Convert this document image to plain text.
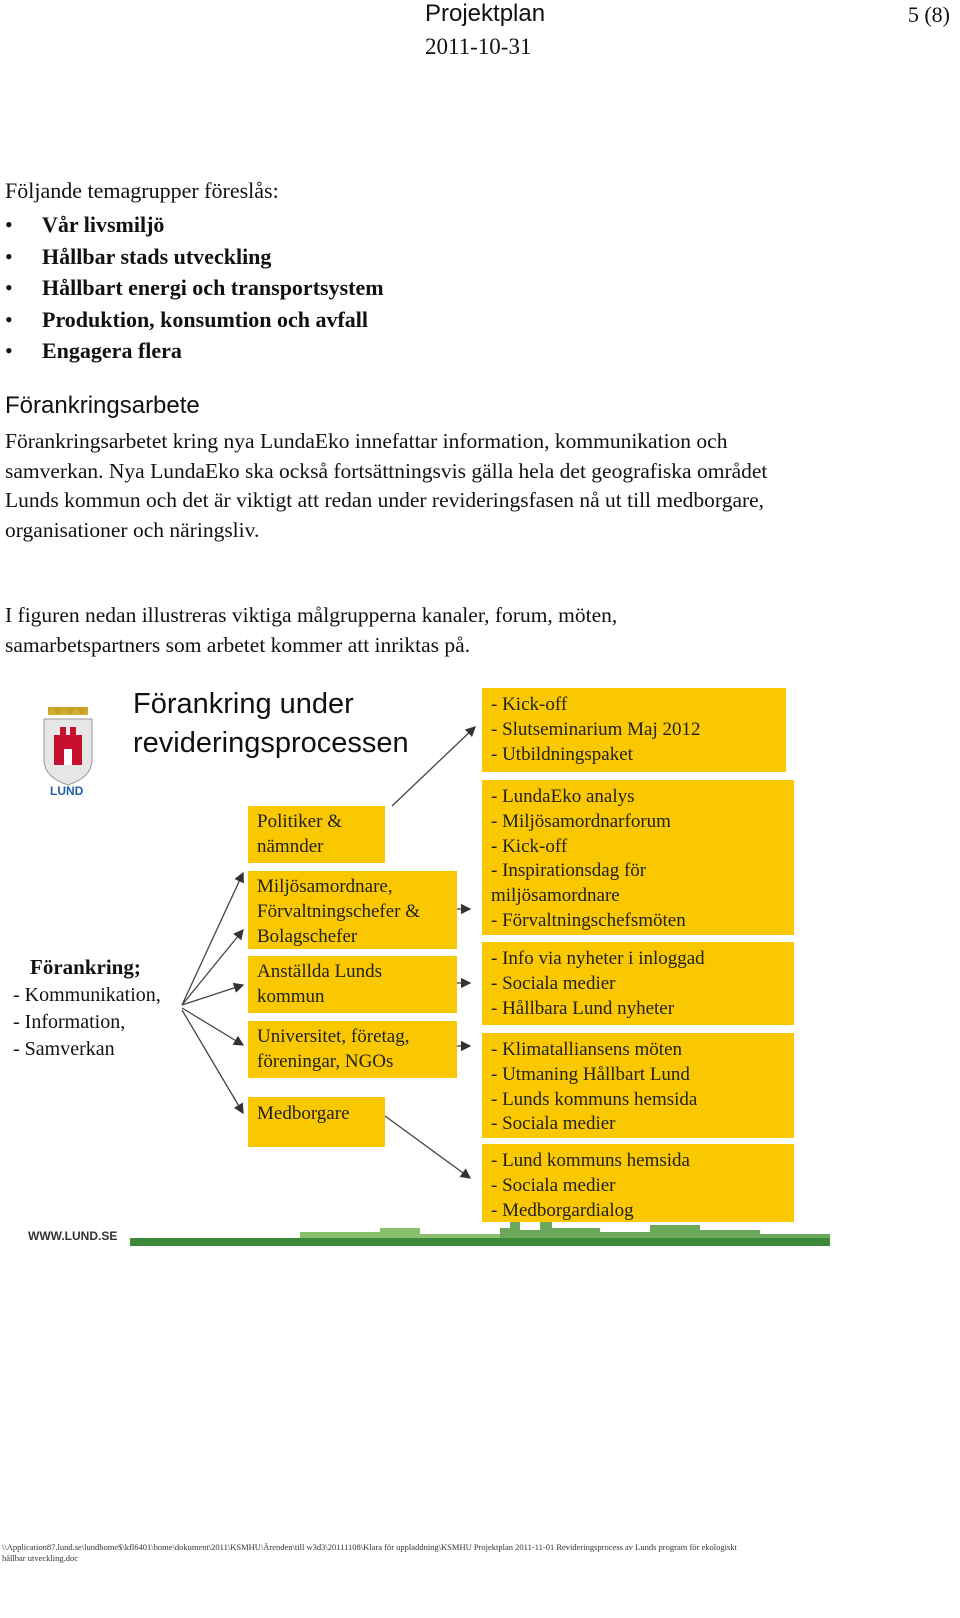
Projektplan	5 (8)
2011-10-31
Följande temagrupper föreslås:
• Vår livsmiljö
• Hållbar stads utveckling
• Hållbart energi och transportsystem
• Produktion, konsumtion och avfall
• Engagera flera
Förankringsarbete

Förankringsarbetet kring nya LundaEko innefattar information, kommunikation och samverkan. Nya LundaEko ska också fortsättningsvis gälla hela det geografiska området Lunds kommun och det är viktigt att redan under revideringsfasen nå ut till medborgare, organisationer och näringsliv.

I figuren nedan illustreras viktiga målgrupperna kanaler, forum, möten, samarbetspartners som arbetet kommer att inriktas på.

LUND
Förankring under
revideringsprocessen
Förankring;
- Kommunikation,
- Information,
- Samverkan
Politiker &
nämnder
Miljösamordnare,
Förvaltningschefer &
Bolagschefer
Anställda Lunds
kommun
Universitet, företag,
föreningar, NGOs
Medborgare
- Kick-off
- Slutseminarium Maj 2012
- Utbildningspaket
- LundaEko analys
- Miljösamordnarforum
- Kick-off
- Inspirationsdag för
miljösamordnare
- Förvaltningschefsmöten
- Info via nyheter i inloggad
- Sociala medier
- Hållbara Lund nyheter
- Klimatalliansens möten
- Utmaning Hållbart Lund
- Lunds kommuns hemsida
- Sociala medier
- Lund kommuns hemsida
- Sociala medier
- Medborgardialog
WWW.LUND.SE
\\Application87.lund.se\lundhome$\kfl6401\home\dokument\2011\KSMHU\Ärenden\till w3d3\20111108\Klara för uppladdning\KSMHU Projektplan 2011-11-01 Revideringsprocess av Lunds program för ekologiskt hållbar utveckling.doc
